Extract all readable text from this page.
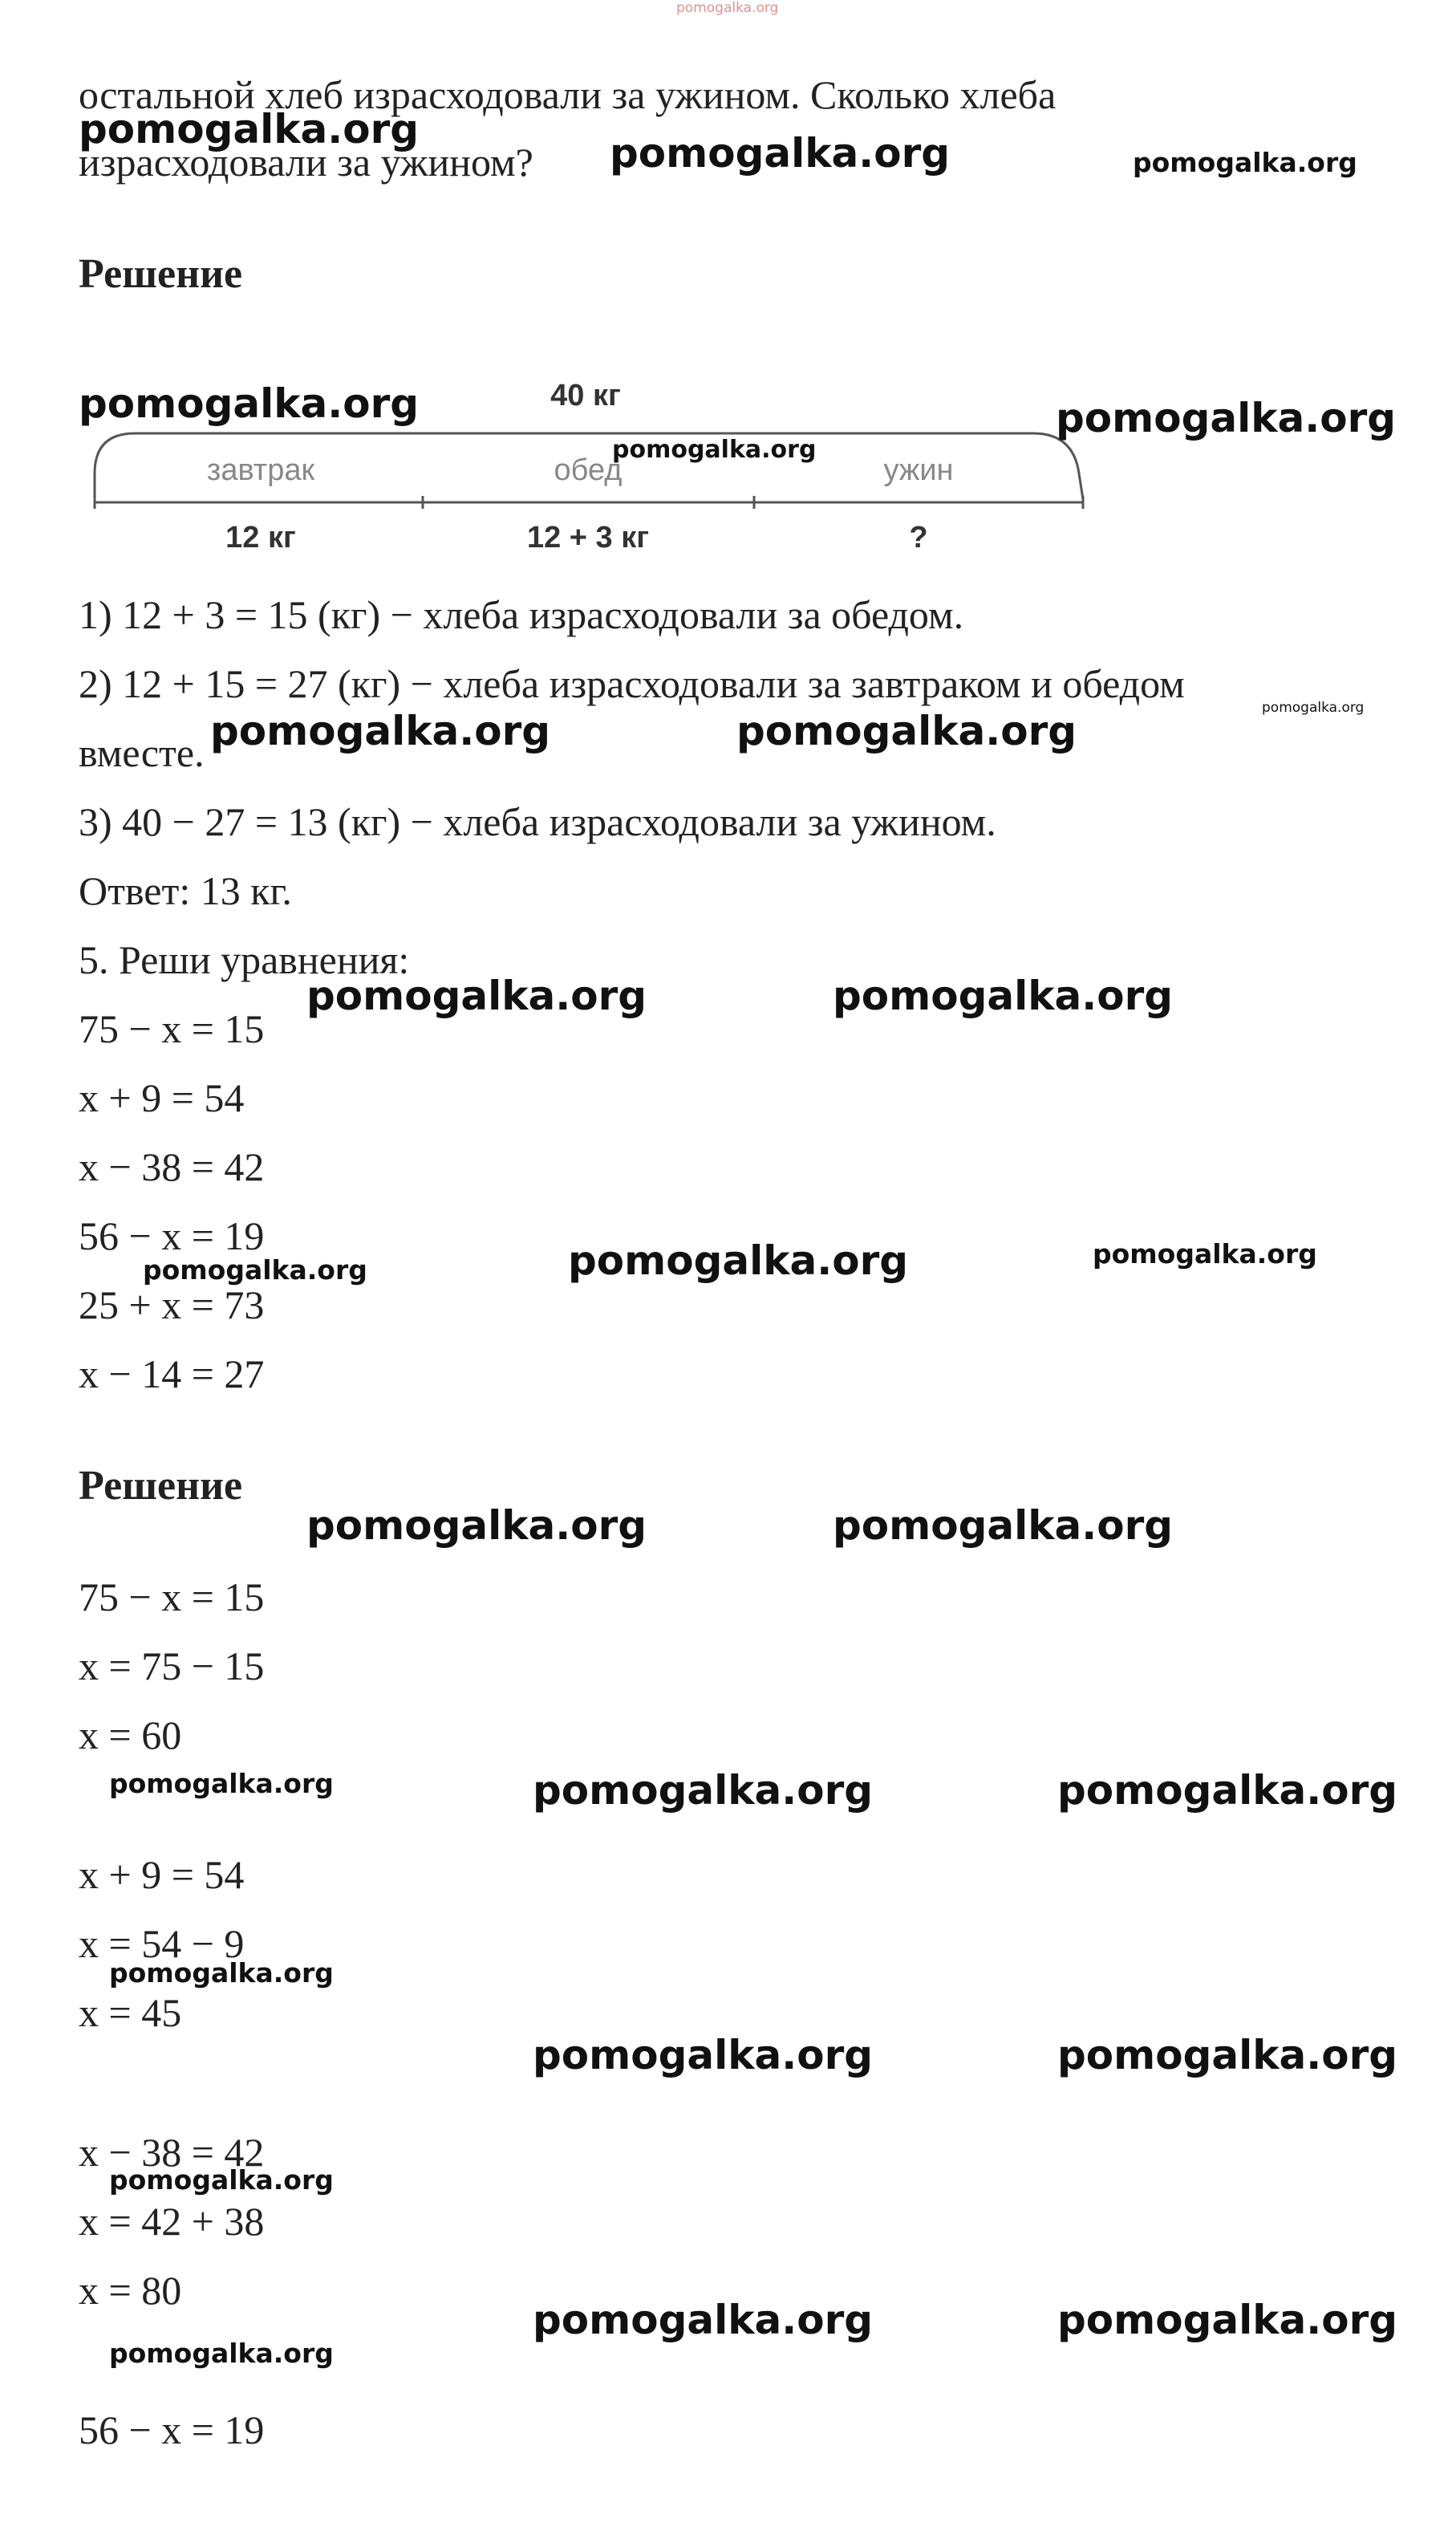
pomogalka.org
остальной хлеб израсходовали за ужином. Сколько хлеба
израсходовали за ужином?
Решение
40 кг
завтрак	обед	ужин
12 кг	12 + 3 кг	?
1) 12 + 3 = 15 (кг) − хлеба израсходовали за обедом.
2) 12 + 15 = 27 (кг) − хлеба израсходовали за завтраком и обедом
вместе.
3) 40 − 27 = 13 (кг) − хлеба израсходовали за ужином.
Ответ: 13 кг.
5. Реши уравнения:
75 − x = 15
x + 9 = 54
x − 38 = 42
56 − x = 19
25 + x = 73
x − 14 = 27
Решение
75 − x = 15
x = 75 − 15
x = 60
x + 9 = 54
x = 54 − 9
x = 45
x − 38 = 42
x = 42 + 38
x = 80
56 − x = 19
pomogalka.org
pomogalka.org	pomogalka.org
pomogalka.org	pomogalka.org
pomogalka.org
pomogalka.org
pomogalka.org	pomogalka.org
pomogalka.org	pomogalka.org
pomogalka.org
pomogalka.org
pomogalka.org
pomogalka.org	pomogalka.org
pomogalka.org	pomogalka.org	pomogalka.org
pomogalka.org
pomogalka.org	pomogalka.org
pomogalka.org
pomogalka.org	pomogalka.org
pomogalka.org
